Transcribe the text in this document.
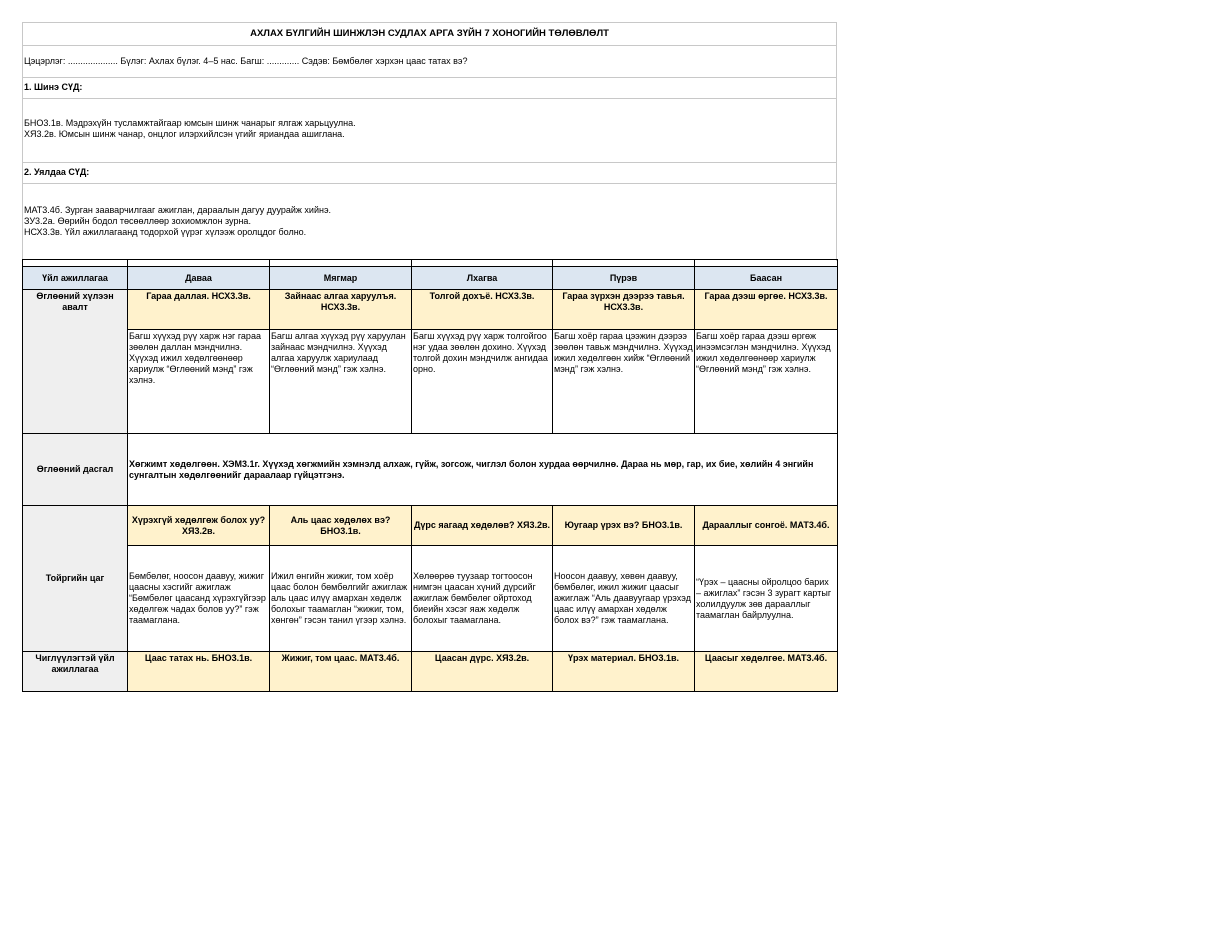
АХЛАХ БҮЛГИЙН ШИНЖЛЭН СУДЛАХ АРГА ЗҮЙН 7 ХОНОГИЙН ТӨЛӨВЛӨЛТ
Цэцэрлэг: .................... Бүлэг: Ахлах бүлэг. 4–5 нас. Багш: ............. Сэдэв: Бөмбөлөг хэрхэн цаас татах вэ?
1. Шинэ СҮД:
БНО3.1в. Мэдрэхүйн тусламжтайгаар юмсын шинж чанарыг ялгаж харьцуулна.
ХЯ3.2в. Юмсын шинж чанар, онцлог илэрхийлсэн үгийг яриандаа ашиглана.
2. Уялдаа СҮД:
МАТ3.4б. Зурган зааварчилгааг ажиглан, дараалын дагуу дуурайж хийнэ.
ЗУ3.2а. Өөрийн бодол төсөөллөөр зохиомжлон зурна.
НСХ3.3в. Үйл ажиллагаанд тодорхой үүрэг хүлээж оролцдог болно.

Үйл ажиллагаа	Даваа	Мягмар	Лхагва	Пүрэв	Баасан
Өглөөний хүлээн авалт	Гараа даллая. НСХ3.3в.	Зайнаас алгаа харуулъя. НСХ3.3в.	Толгой дохъё. НСХ3.3в.	Гараа зүрхэн дээрээ тавья. НСХ3.3в.	Гараа дээш өргөе. НСХ3.3в.
	Багш хүүхэд рүү харж нэг гараа зөөлөн даллан мэндчилнэ. Хүүхэд ижил хөдөлгөөнөөр хариулж “Өглөөний мэнд” гэж хэлнэ.	Багш алгаа хүүхэд рүү харуулан зайнаас мэндчилнэ. Хүүхэд алгаа харуулж хариулаад “Өглөөний мэнд” гэж хэлнэ.	Багш хүүхэд рүү харж толгойгоо нэг удаа зөөлөн дохино. Хүүхэд толгой дохин мэндчилж ангидаа орно.	Багш хоёр гараа цээжин дээрээ зөөлөн тавьж мэндчилнэ. Хүүхэд ижил хөдөлгөөн хийж “Өглөөний мэнд” гэж хэлнэ.	Багш хоёр гараа дээш өргөж инээмсэглэн мэндчилнэ. Хүүхэд ижил хөдөлгөөнөөр хариулж “Өглөөний мэнд” гэж хэлнэ.
Өглөөний дасгал	Хөгжимт хөдөлгөөн. ХЭМ3.1г. Хүүхэд хөгжмийн хэмнэлд алхаж, гүйж, зогсож, чиглэл болон хурдаа өөрчилнө. Дараа нь мөр, гар, их бие, хөлийн 4 энгийн сунгалтын хөдөлгөөнийг дараалаар гүйцэтгэнэ.				
Тойргийн цаг	Хүрэхгүй хөдөлгөж болох уу? ХЯ3.2в.	Аль цаас хөдөлөх вэ? БНО3.1в.	Дүрс яагаад хөдөлөв? ХЯ3.2в.	Юугаар үрэх вэ? БНО3.1в.	Дарааллыг сонгоё. МАТ3.4б.
	Бөмбөлөг, ноосон даавуу, жижиг цаасны хэсгийг ажиглаж “Бөмбөлөг цаасанд хүрэхгүйгээр хөдөлгөж чадах болов уу?” гэж таамаглана.	Ижил өнгийн жижиг, том хоёр цаас болон бөмбөлгийг ажиглаж аль цаас илүү амархан хөдөлж болохыг таамаглан “жижиг, том, хөнгөн” гэсэн танил үгээр хэлнэ.	Хөлөөрөө туузаар тогтоосон нимгэн цаасан хүний дүрсийг ажиглаж бөмбөлөг ойртоход биеийн хэсэг яаж хөдөлж болохыг таамаглана.	Ноосон даавуу, хөвөн даавуу, бөмбөлөг, ижил жижиг цаасыг ажиглаж “Аль даавуугаар үрэхэд цаас илүү амархан хөдөлж болох вэ?” гэж таамаглана.	“Үрэх – цаасны ойролцоо барих – ажиглах” гэсэн 3 зурагт картыг холилдуулж зөв дарааллыг таамаглан байрлуулна.
Чиглүүлэгтэй үйл ажиллагаа	Цаас татах нь. БНО3.1в.	Жижиг, том цаас. МАТ3.4б.	Цаасан дүрс. ХЯ3.2в.	Үрэх материал. БНО3.1в.	Цаасыг хөдөлгөе. МАТ3.4б.
